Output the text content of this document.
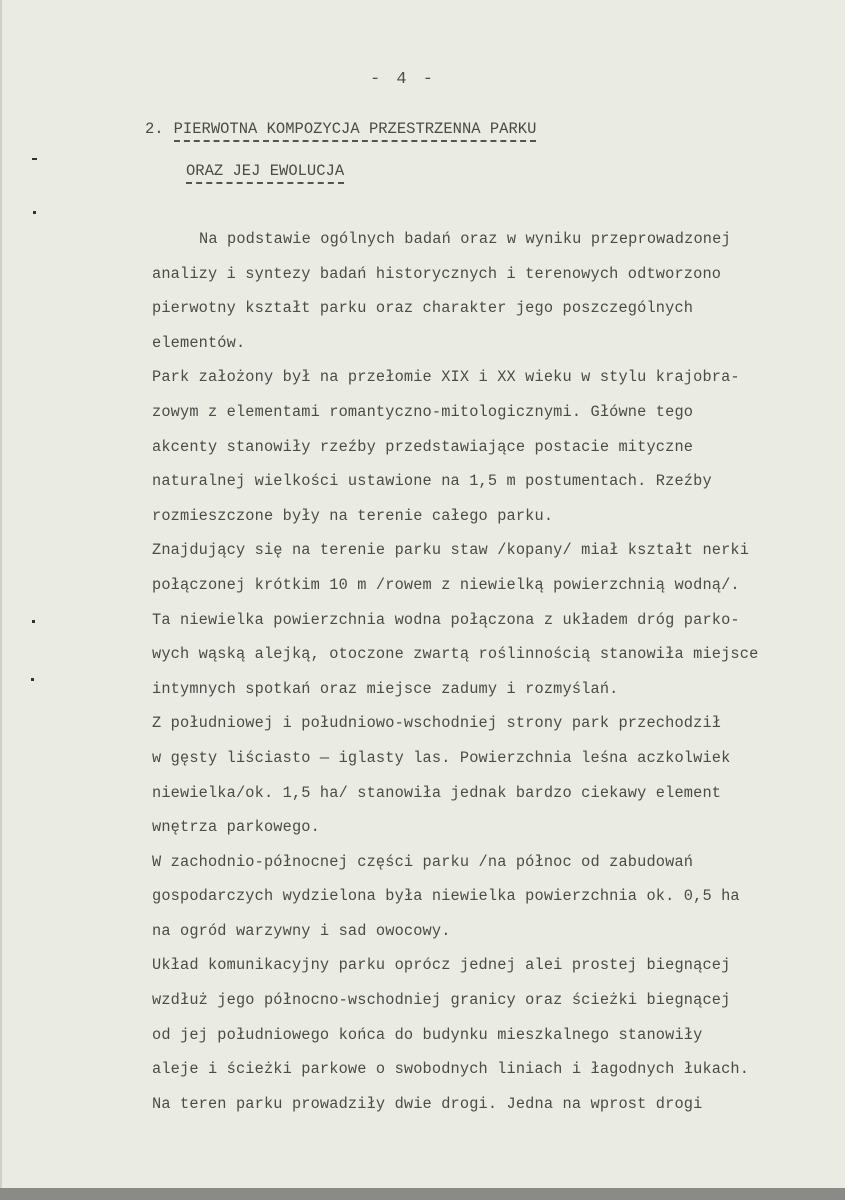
- 4 -
2. PIERWOTNA KOMPOZYCJA PRZESTRZENNA PARKU
ORAZ JEJ EWOLUCJA
Na podstawie ogólnych badań oraz w wyniku przeprowadzonej
analizy i syntezy badań historycznych i terenowych odtworzono
pierwotny kształt parku oraz charakter jego poszczególnych
elementów.
Park założony był na przełomie XIX i XX wieku w stylu krajobra-
zowym z elementami romantyczno-mitologicznymi. Główne tego
akcenty stanowiły rzeźby przedstawiające postacie mityczne
naturalnej wielkości ustawione na 1,5 m postumentach. Rzeźby
rozmieszczone były na terenie całego parku.
Znajdujący się na terenie parku staw /kopany/ miał kształt nerki
połączonej krótkim 10 m /rowem z niewielką powierzchnią wodną/.
Ta niewielka powierzchnia wodna połączona z układem dróg parko-
wych wąską alejką, otoczone zwartą roślinnością stanowiła miejsce
intymnych spotkań oraz miejsce zadumy i rozmyślań.
Z południowej i południowo-wschodniej strony park przechodził
w gęsty liściasto — iglasty las. Powierzchnia leśna aczkolwiek
niewielka/ok. 1,5 ha/ stanowiła jednak bardzo ciekawy element
wnętrza parkowego.
W zachodnio-północnej części parku /na północ od zabudowań
gospodarczych wydzielona była niewielka powierzchnia ok. 0,5 ha
na ogród warzywny i sad owocowy.
Układ komunikacyjny parku oprócz jednej alei prostej biegnącej
wzdłuż jego północno-wschodniej granicy oraz ścieżki biegnącej
od jej południowego końca do budynku mieszkalnego stanowiły
aleje i ścieżki parkowe o swobodnych liniach i łagodnych łukach.
Na teren parku prowadziły dwie drogi. Jedna na wprost drogi
